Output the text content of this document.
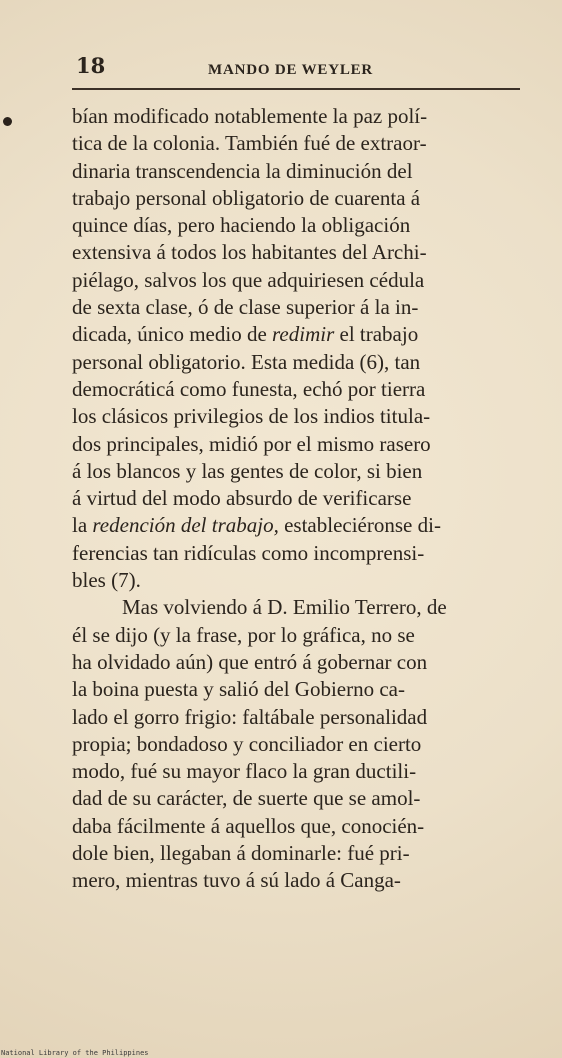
18	MANDO DE WEYLER
bían modificado notablemente la paz polí-
tica de la colonia. También fué de extraor-
dinaria transcendencia la diminución del
trabajo personal obligatorio de cuarenta á
quince días, pero haciendo la obligación
extensiva á todos los habitantes del Archi-
piélago, salvos los que adquiriesen cédula
de sexta clase, ó de clase superior á la in-
dicada, único medio de redimir el trabajo
personal obligatorio. Esta medida (6), tan
democráticá como funesta, echó por tierra
los clásicos privilegios de los indios titula-
dos principales, midió por el mismo rasero
á los blancos y las gentes de color, si bien
á virtud del modo absurdo de verificarse
la redención del trabajo, estableciéronse di-
ferencias tan ridículas como incomprensi-
bles (7).
Mas volviendo á D. Emilio Terrero, de
él se dijo (y la frase, por lo gráfica, no se
ha olvidado aún) que entró á gobernar con
la boina puesta y salió del Gobierno ca-
lado el gorro frigio: faltábale personalidad
propia; bondadoso y conciliador en cierto
modo, fué su mayor flaco la gran ductili-
dad de su carácter, de suerte que se amol-
daba fácilmente á aquellos que, conocién-
dole bien, llegaban á dominarle: fué pri-
mero, mientras tuvo á sú lado á Canga-
National Library of the Philippines
